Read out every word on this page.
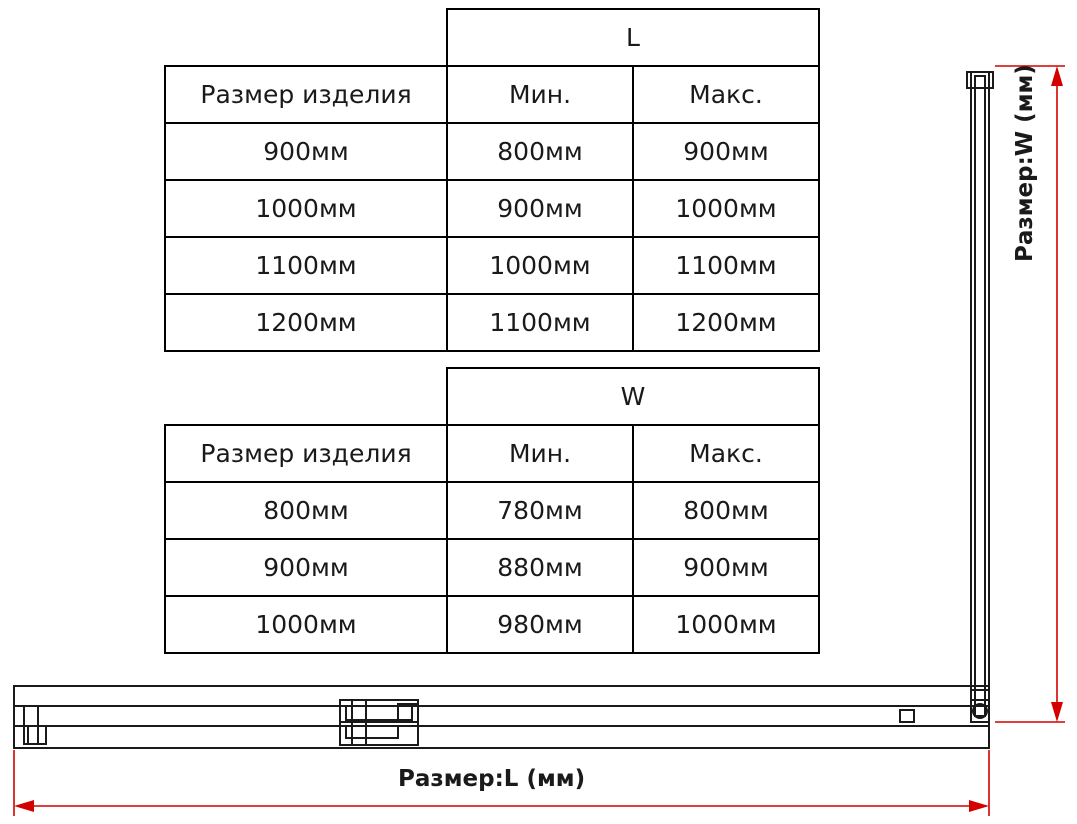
	L	
Размер изделия	Мин.	Макс.
900мм	800мм	900мм
1000мм	900мм	1000мм
1100мм	1000мм	1100мм
1200мм	1100мм	1200мм
	W	
Размер изделия	Мин.	Макс.
800мм	780мм	800мм
900мм	880мм	900мм
1000мм	980мм	1000мм
Размер:L (мм)
Размер:W (мм)
